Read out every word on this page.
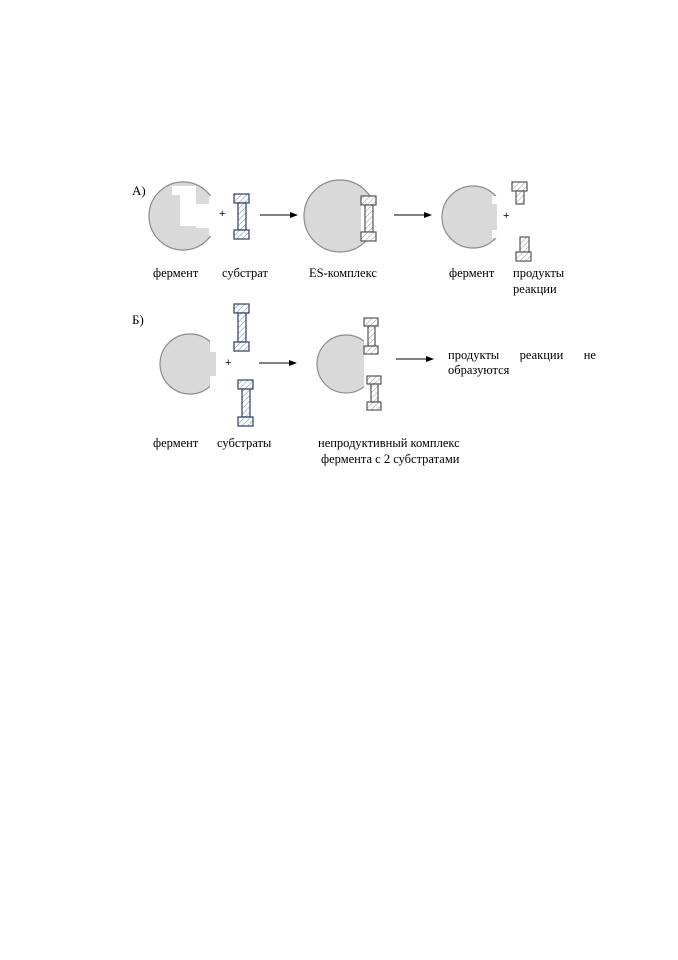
А)
+	+
фермент субстрат	ES-комплекс	фермент продукты
реакции
Б)
+
фермент субстраты	непродуктивный комплекс
фермента с 2 субстратами
продукты реакции не
образуются
